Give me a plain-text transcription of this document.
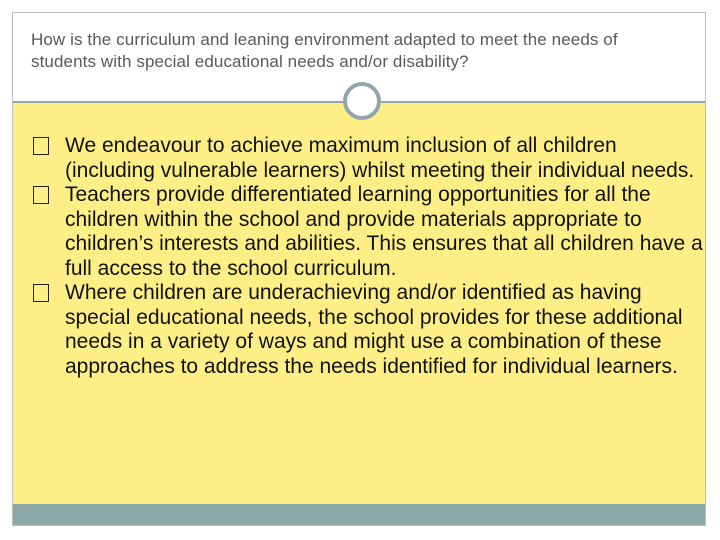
How is the curriculum and leaning environment adapted to meet the needs of students with special educational needs and/or disability?
We endeavour to achieve maximum inclusion of all children (including vulnerable learners) whilst meeting their individual needs.
Teachers provide differentiated learning opportunities for all the children within the school and provide materials appropriate to children’s interests and abilities. This ensures that all children have a full access to the school curriculum.
Where children are underachieving and/or identified as having special educational needs, the school provides for these additional needs in a variety of ways and might use a combination of these approaches to address the needs identified for individual learners.
